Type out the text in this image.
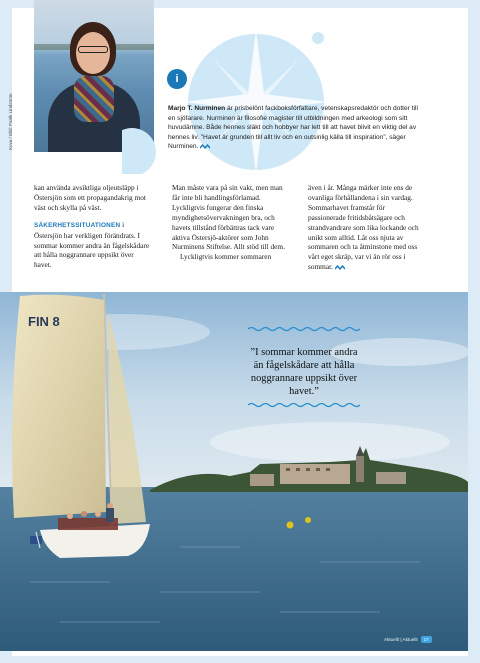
Kuva / Bild: Patrik Lindström
i
Marjo T. Nurminen är prisbelönt fackboksförfattare, vetenskapsredaktör och dotter till en sjöfarare. Nurminen är filosofie magister till utbildningen med arkeologi som sitt huvudämne. Både hennes släkt och hobbyer har lett till att havet blivit en viktig del av hennes liv. ”Havet är grunden till allt liv och en outsinlig källa till inspiration”, säger Nurminen.

kan använda avsiktliga oljeutsläpp i Östersjön som ett propagandakrig mot väst och skylla på väst.

SÄKERHETSSITUATIONEN i Östersjön har verkligen förändrats. I sommar kommer andra än fågelskådare att hålla noggrannare uppsikt över havet.

Man måste vara på sin vakt, men man får inte bli handlingsförlamad. Lyckligtvis fungerar den finska myndighetsövervakningen bra, och havets tillstånd förbättras tack vare aktiva Östersjö-aktörer som John Nurminens Stiftelse. Allt stöd till dem.

Lyckligtvis kommer sommaren

även i år. Många märker inte ens de ovanliga förhållandena i sin vardag. Sommarhavet framstår för passionerade fritidsbåtsägare och strandvandrare som lika lockande och unikt som alltid. Låt oss njuta av sommaren och ta åtminstone med oss vårt eget skräp, var vi än rör oss i sommar.

FIN 8
”I sommar kommer andra än fågelskådare att hålla noggrannare uppsikt över havet.”
Aktuellt | Aktuellt 17
